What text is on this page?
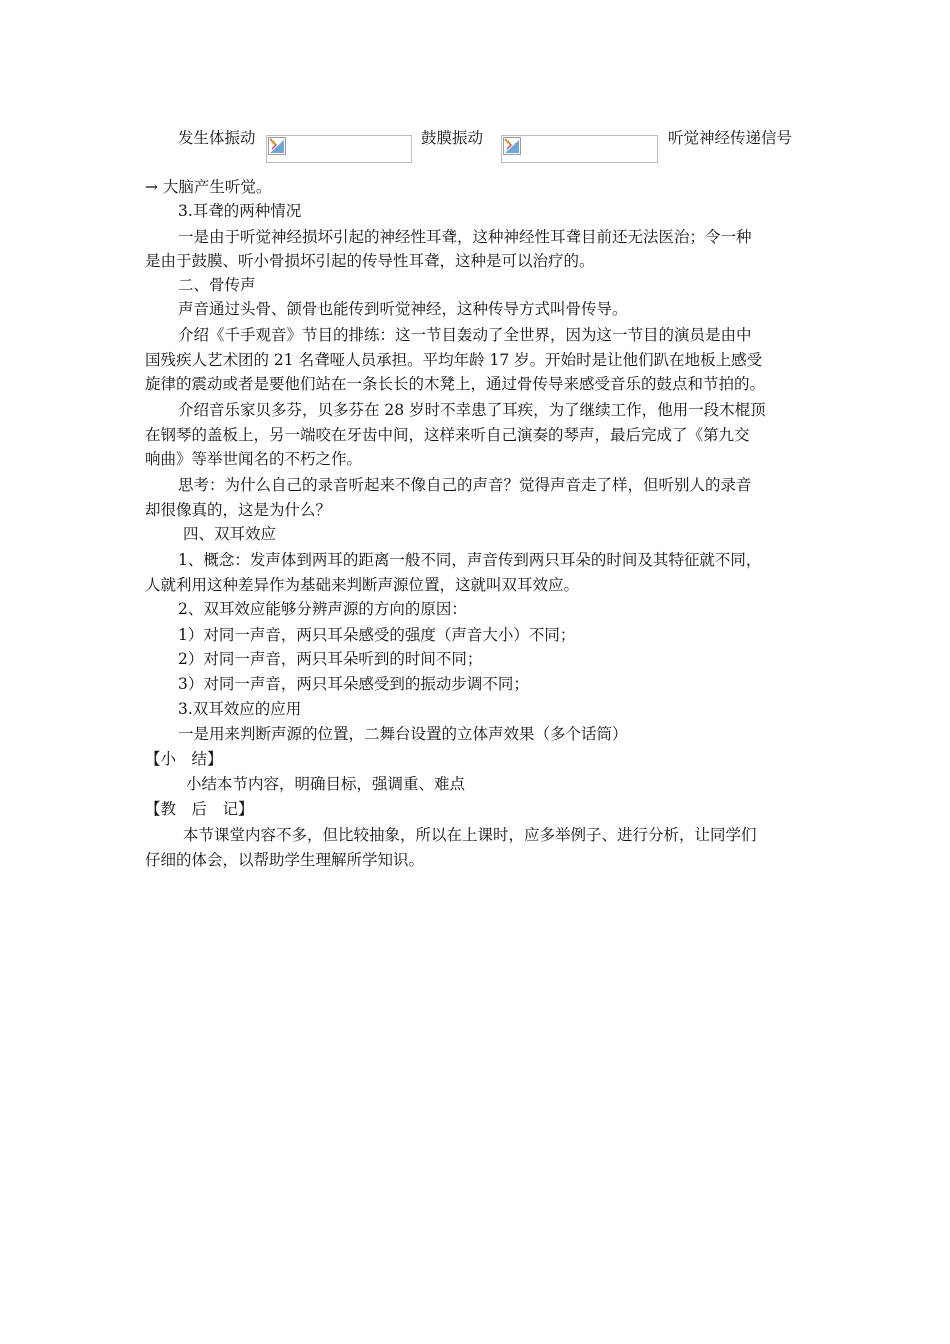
发生体振动	鼓膜振动	听觉神经传递信号
→ 大脑产生听觉。
3.耳聋的两种情况
一是由于听觉神经损坏引起的神经性耳聋，这种神经性耳聋目前还无法医治；令一种
是由于鼓膜、听小骨损坏引起的传导性耳聋，这种是可以治疗的。
二、骨传声
声音通过头骨、颌骨也能传到听觉神经，这种传导方式叫骨传导。
介绍《千手观音》节目的排练：这一节目轰动了全世界，因为这一节目的演员是由中
国残疾人艺术团的 21 名聋哑人员承担。平均年龄 17 岁。开始时是让他们趴在地板上感受
旋律的震动或者是要他们站在一条长长的木凳上，通过骨传导来感受音乐的鼓点和节拍的。
介绍音乐家贝多芬，贝多芬在 28 岁时不幸患了耳疾，为了继续工作，他用一段木棍顶
在钢琴的盖板上，另一端咬在牙齿中间，这样来听自己演奏的琴声，最后完成了《第九交
响曲》等举世闻名的不朽之作。
思考：为什么自己的录音听起来不像自己的声音？觉得声音走了样，但听别人的录音
却很像真的，这是为什么？
四、双耳效应
1、概念：发声体到两耳的距离一般不同，声音传到两只耳朵的时间及其特征就不同，
人就利用这种差异作为基础来判断声源位置，这就叫双耳效应。
2、双耳效应能够分辨声源的方向的原因：
1）对同一声音，两只耳朵感受的强度（声音大小）不同；
2）对同一声音，两只耳朵听到的时间不同；
3）对同一声音，两只耳朵感受到的振动步调不同；
3.双耳效应的应用
一是用来判断声源的位置，二舞台设置的立体声效果（多个话筒）
【小　结】
小结本节内容，明确目标，强调重、难点
【教　后　记】
本节课堂内容不多，但比较抽象，所以在上课时，应多举例子、进行分析，让同学们
仔细的体会，以帮助学生理解所学知识。
